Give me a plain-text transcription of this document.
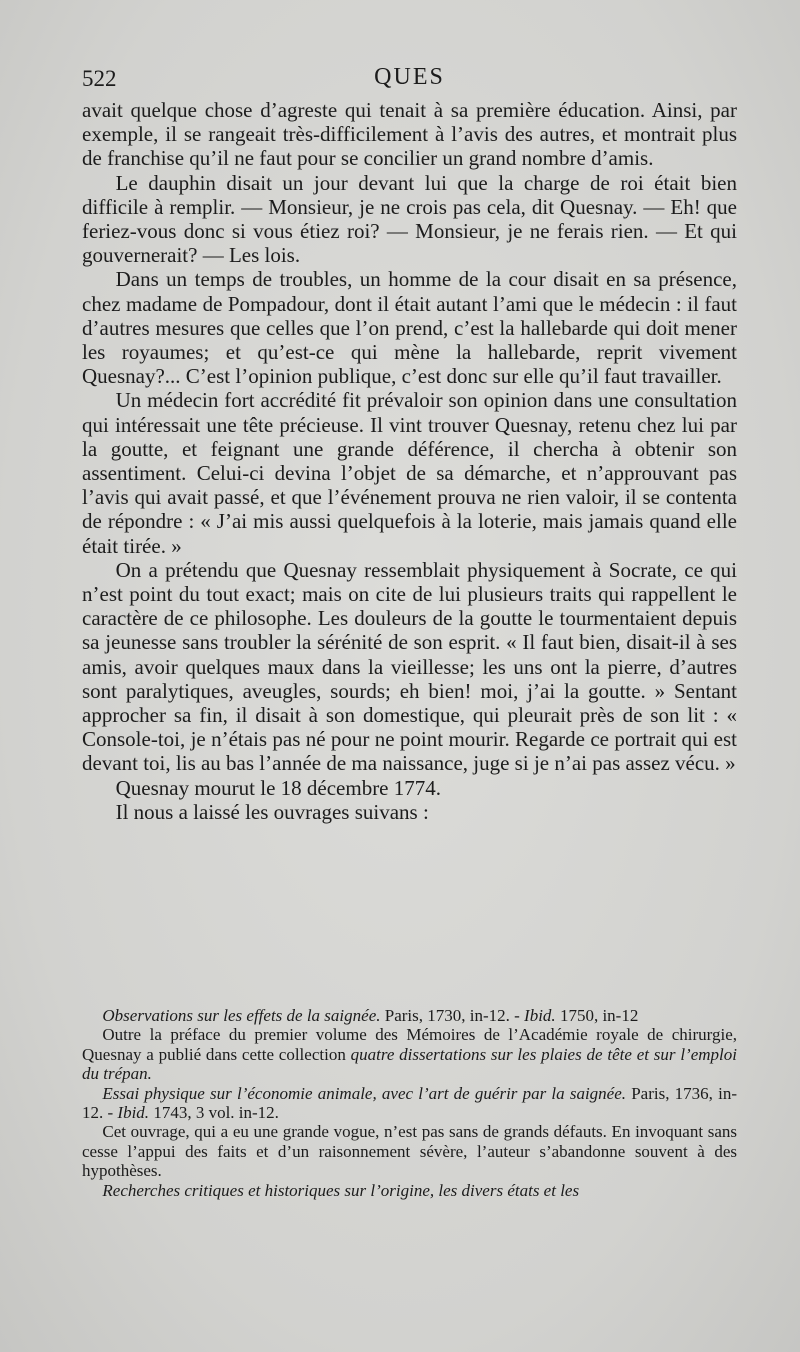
522	QUES

avait quelque chose d’agreste qui tenait à sa première éducation. Ainsi, par exemple, il se rangeait très-difficilement à l’avis des autres, et montrait plus de franchise qu’il ne faut pour se concilier un grand nombre d’amis.

Le dauphin disait un jour devant lui que la charge de roi était bien difficile à remplir. — Monsieur, je ne crois pas cela, dit Quesnay. — Eh! que feriez-vous donc si vous étiez roi? — Monsieur, je ne ferais rien. — Et qui gouvernerait? — Les lois.

Dans un temps de troubles, un homme de la cour disait en sa présence, chez madame de Pompadour, dont il était autant l’ami que le médecin : il faut d’autres mesures que celles que l’on prend, c’est la hallebarde qui doit mener les royaumes; et qu’est-ce qui mène la hallebarde, reprit vivement Quesnay?... C’est l’opinion publique, c’est donc sur elle qu’il faut travailler.

Un médecin fort accrédité fit prévaloir son opinion dans une consultation qui intéressait une tête précieuse. Il vint trouver Quesnay, retenu chez lui par la goutte, et feignant une grande déférence, il chercha à obtenir son assentiment. Celui-ci devina l’objet de sa démarche, et n’approuvant pas l’avis qui avait passé, et que l’événement prouva ne rien valoir, il se contenta de répondre : « J’ai mis aussi quelquefois à la loterie, mais jamais quand elle était tirée. »

On a prétendu que Quesnay ressemblait physiquement à Socrate, ce qui n’est point du tout exact; mais on cite de lui plusieurs traits qui rappellent le caractère de ce philosophe. Les douleurs de la goutte le tourmentaient depuis sa jeunesse sans troubler la sérénité de son esprit. « Il faut bien, disait-il à ses amis, avoir quelques maux dans la vieillesse; les uns ont la pierre, d’autres sont paralytiques, aveugles, sourds; eh bien! moi, j’ai la goutte. » Sentant approcher sa fin, il disait à son domestique, qui pleurait près de son lit : « Console-toi, je n’étais pas né pour ne point mourir. Regarde ce portrait qui est devant toi, lis au bas l’année de ma naissance, juge si je n’ai pas assez vécu. »

Quesnay mourut le 18 décembre 1774.

Il nous a laissé les ouvrages suivans :

Observations sur les effets de la saignée. Paris, 1730, in-12. - Ibid. 1750, in-12

Outre la préface du premier volume des Mémoires de l’Académie royale de chirurgie, Quesnay a publié dans cette collection quatre dissertations sur les plaies de tête et sur l’emploi du trépan.

Essai physique sur l’économie animale, avec l’art de guérir par la saignée. Paris, 1736, in-12. - Ibid. 1743, 3 vol. in-12.

Cet ouvrage, qui a eu une grande vogue, n’est pas sans de grands défauts. En invoquant sans cesse l’appui des faits et d’un raisonnement sévère, l’auteur s’abandonne souvent à des hypothèses.

Recherches critiques et historiques sur l’origine, les divers états et les
